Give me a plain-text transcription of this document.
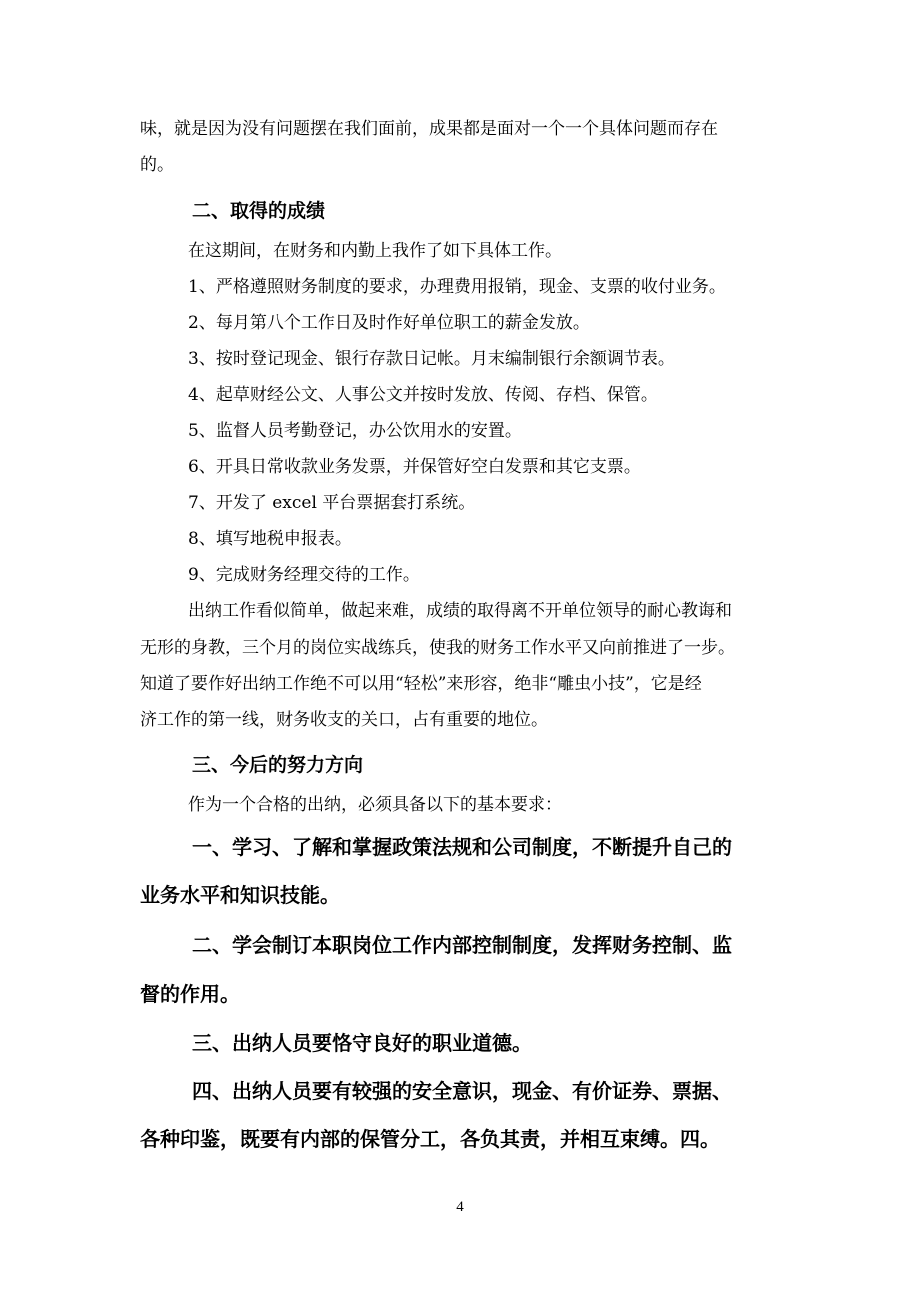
味，就是因为没有问题摆在我们面前，成果都是面对一个一个具体问题而存在
的。
二、取得的成绩
在这期间，在财务和内勤上我作了如下具体工作。
1、严格遵照财务制度的要求，办理费用报销，现金、支票的收付业务。
2、每月第八个工作日及时作好单位职工的薪金发放。
3、按时登记现金、银行存款日记帐。月末编制银行余额调节表。
4、起草财经公文、人事公文并按时发放、传阅、存档、保管。
5、监督人员考勤登记，办公饮用水的安置。
6、开具日常收款业务发票，并保管好空白发票和其它支票。
7、开发了 excel 平台票据套打系统。
8、填写地税申报表。
9、完成财务经理交待的工作。
出纳工作看似简单，做起来难，成绩的取得离不开单位领导的耐心教诲和
无形的身教，三个月的岗位实战练兵，使我的财务工作水平又向前推进了一步。
知道了要作好出纳工作绝不可以用“轻松”来形容，绝非“雕虫小技”，它是经
济工作的第一线，财务收支的关口，占有重要的地位。
三、今后的努力方向
作为一个合格的出纳，必须具备以下的基本要求：
一、学习、了解和掌握政策法规和公司制度，不断提升自己的
业务水平和知识技能。
二、学会制订本职岗位工作内部控制制度，发挥财务控制、监
督的作用。
三、出纳人员要恪守良好的职业道德。
四、出纳人员要有较强的安全意识，现金、有价证券、票据、
各种印鉴，既要有内部的保管分工，各负其责，并相互束缚。四。
4
